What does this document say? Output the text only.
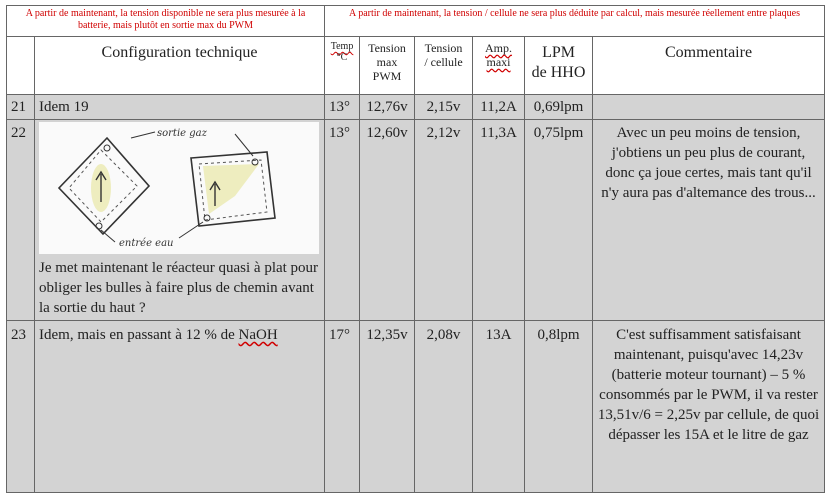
A partir de maintenant, la tension disponible ne sera plus mesurée à la batterie, mais plutôt en sortie max du PWM		A partir de maintenant, la tension / cellule ne sera plus déduite par calcul, mais mesurée réellement entre plaques					
	Configuration technique	Temp
°C	Tension
max
PWM	Tension
/ cellule	Amp.
maxi	LPM
de HHO	Commentaire
21	Idem 19	13°	12,76v	2,15v	11,2A	0,69lpm	
22	sortie gaz
entrée eau
Je met maintenant le réacteur quasi à plat pour obliger les bulles à faire plus de chemin avant la sortie du haut ?	13°	12,60v	2,12v	11,3A	0,75lpm	Avec un peu moins de tension, j'obtiens un peu plus de courant, donc ça joue certes, mais tant qu'il n'y aura pas d'altemance des trous...
23	Idem, mais en passant à 12 % de NaOH	17°	12,35v	2,08v	13A	0,8lpm	C'est suffisamment satisfaisant maintenant, puisqu'avec 14,23v (batterie moteur tournant) – 5 % consommés par le PWM, il va rester 13,51v/6 = 2,25v par cellule, de quoi dépasser les 15A et le litre de gaz
